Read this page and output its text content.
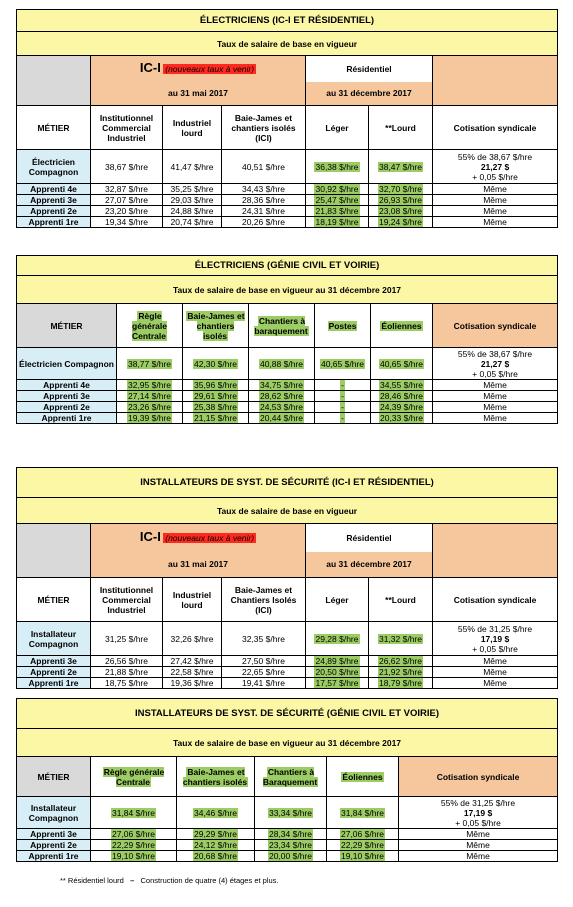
ÉLECTRICIENS (IC-I ET RÉSIDENTIEL)						
Taux de salaire de base en vigueur						
	IC-I (nouveaux taux à venir)			Résidentiel		
	au 31 mai 2017			au 31 décembre 2017		
MÉTIER	Institutionnel Commercial Industriel	Industriel lourd	Baie-James et chantiers isolés (ICI)	Léger	**Lourd	Cotisation syndicale
Électricien Compagnon	38,67 $/hre	41,47 $/hre	40,51 $/hre	36,38 $/hre	38,47 $/hre	55% de 38,67 $/hre
21,27 $
+ 0,05 $/hre

Apprenti 4e	32,87 $/hre	35,25 $/hre	34,43 $/hre	30,92 $/hre	32,70 $/hre	Même
Apprenti 3e	27,07 $/hre	29,03 $/hre	28,36 $/hre	25,47 $/hre	26,93 $/hre	Même
Apprenti 2e	23,20 $/hre	24,88 $/hre	24,31 $/hre	21,83 $/hre	23,08 $/hre	Même
Apprenti 1re	19,34 $/hre	20,74 $/hre	20,26 $/hre	18,19 $/hre	19,24 $/hre	Même
ÉLECTRICIENS (GÉNIE CIVIL ET VOIRIE)						
Taux de salaire de base en vigueur au 31 décembre 2017						
MÉTIER	Règle générale Centrale	Baie-James et chantiers isolés	Chantiers à baraquement	Postes	Éoliennes	Cotisation syndicale
Électricien Compagnon	38,77 $/hre	42,30 $/hre	40,88 $/hre	40,65 $/hre	40,65 $/hre	55% de 38,67 $/hre
21,27 $
+ 0,05 $/hre

Apprenti 4e	32,95 $/hre	35,96 $/hre	34,75 $/hre	-	34,55 $/hre	Même
Apprenti 3e	27,14 $/hre	29,61 $/hre	28,62 $/hre	-	28,46 $/hre	Même
Apprenti 2e	23,26 $/hre	25,38 $/hre	24,53 $/hre	-	24,39 $/hre	Même
Apprenti 1re	19,39 $/hre	21,15 $/hre	20,44 $/hre	-	20,33 $/hre	Même
INSTALLATEURS DE SYST. DE SÉCURITÉ (IC-I ET RÉSIDENTIEL)						
Taux de salaire de base en vigueur						
	IC-I (nouveaux taux à venir)			Résidentiel		
	au 31 mai 2017			au 31 décembre 2017		
MÉTIER	Institutionnel Commercial Industriel	Industriel lourd	Baie-James et Chantiers Isolés (ICI)	Léger	**Lourd	Cotisation syndicale
Installateur Compagnon	31,25 $/hre	32,26 $/hre	32,35 $/hre	29,28 $/hre	31,32 $/hre	55% de 31,25 $/hre
17,19 $
+ 0,05 $/hre

Apprenti 3e	26,56 $/hre	27,42 $/hre	27,50 $/hre	24,89 $/hre	26,62 $/hre	Même
Apprenti 2e	21,88 $/hre	22,58 $/hre	22,65 $/hre	20,50 $/hre	21,92 $/hre	Même
Apprenti 1re	18,75 $/hre	19,36 $/hre	19,41 $/hre	17,57 $/hre	18,79 $/hre	Même
INSTALLATEURS DE SYST. DE SÉCURITÉ (GÉNIE CIVIL ET VOIRIE)					
Taux de salaire de base en vigueur au 31 décembre 2017					
MÉTIER	Règle générale Centrale	Baie-James et chantiers isolés	Chantiers à Baraquement	Éoliennes	Cotisation syndicale
Installateur Compagnon	31,84 $/hre	34,46 $/hre	33,34 $/hre	31,84 $/hre	55% de 31,25 $/hre
17,19 $
+ 0,05 $/hre

Apprenti 3e	27,06 $/hre	29,29 $/hre	28,34 $/hre	27,06 $/hre	Même
Apprenti 2e	22,29 $/hre	24,12 $/hre	23,34 $/hre	22,29 $/hre	Même
Apprenti 1re	19,10 $/hre	20,68 $/hre	20,00 $/hre	19,10 $/hre	Même
** Résidentiel lourd – Construction de quatre (4) étages et plus.
